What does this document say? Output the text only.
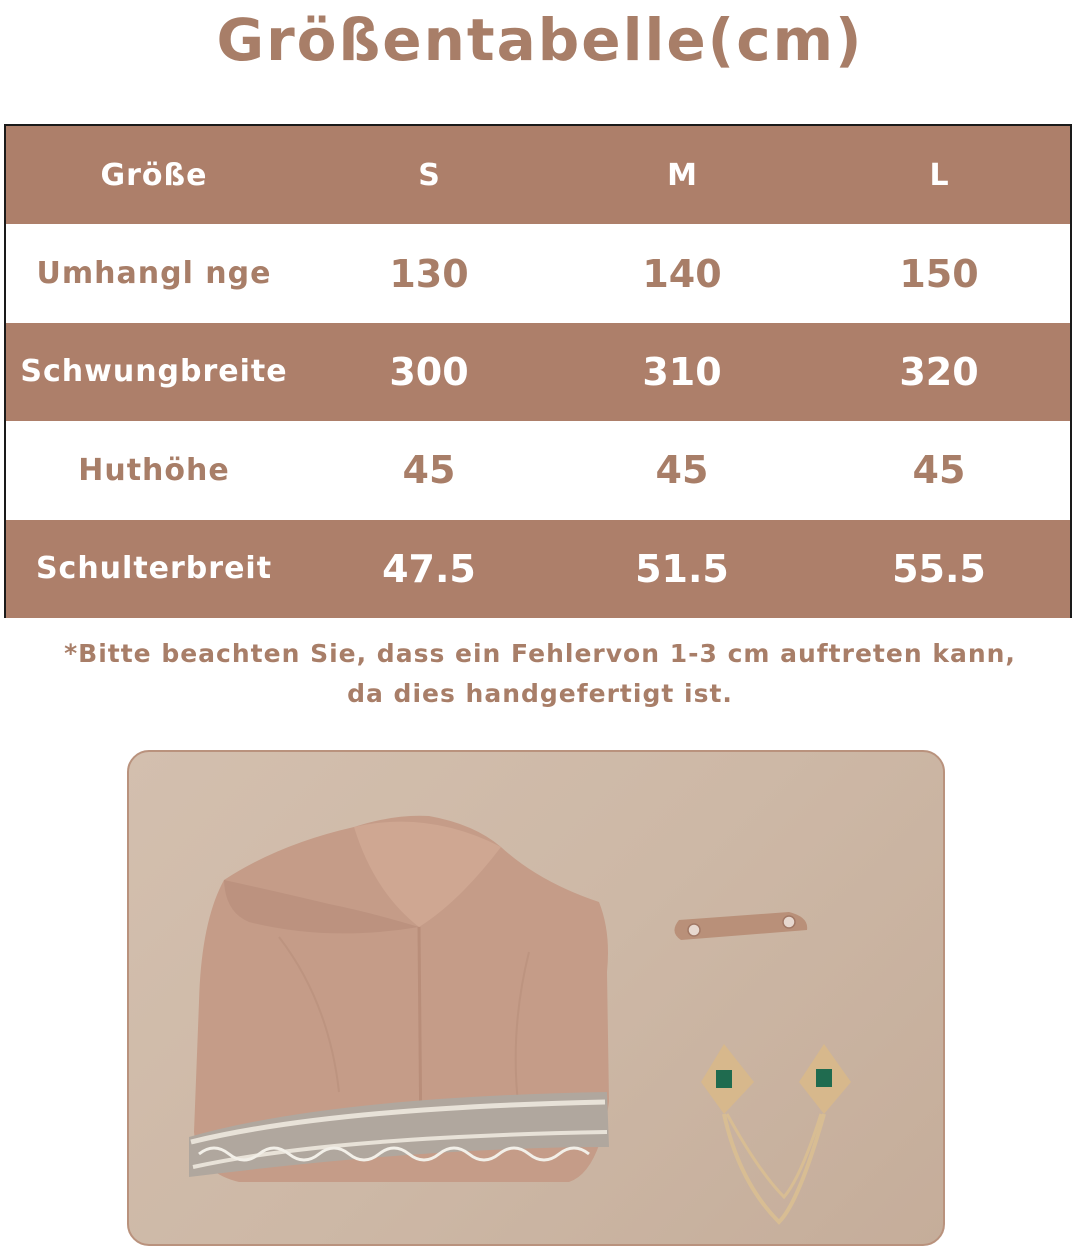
Größentabelle(cm)
Größe	S	M	L
Umhangl nge	130	140	150
Schwungbreite	300	310	320
Huthöhe	45	45	45
Schulterbreit	47.5	51.5	55.5
*Bitte beachten Sie, dass ein Fehlervon 1-3 cm auftreten kann,
da dies handgefertigt ist.
